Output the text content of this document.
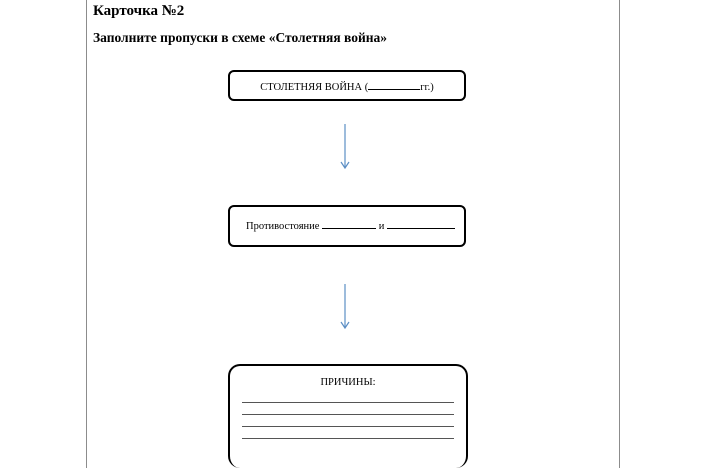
Карточка №2
Заполните пропуски в схеме «Столетняя война»
СТОЛЕТНЯЯ ВОЙНА (	гг.)
Противостояние	и
ПРИЧИНЫ:
